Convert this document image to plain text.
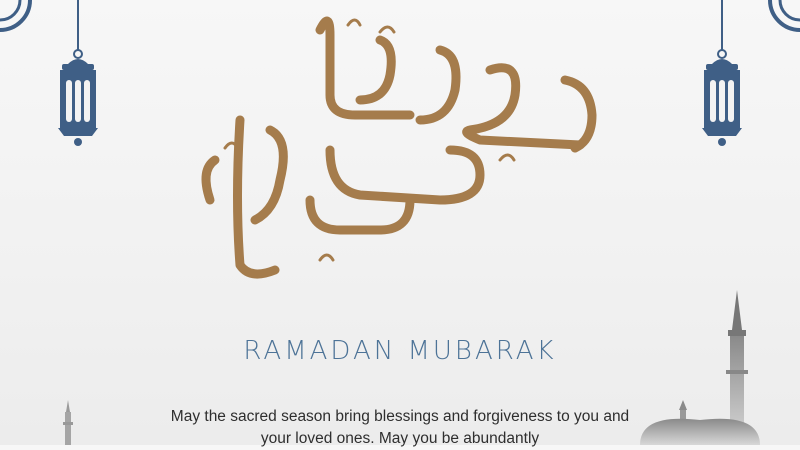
RAMADAN MUBARAK
May the sacred season bring blessings and forgiveness to you and your loved ones. May you be abundantly
